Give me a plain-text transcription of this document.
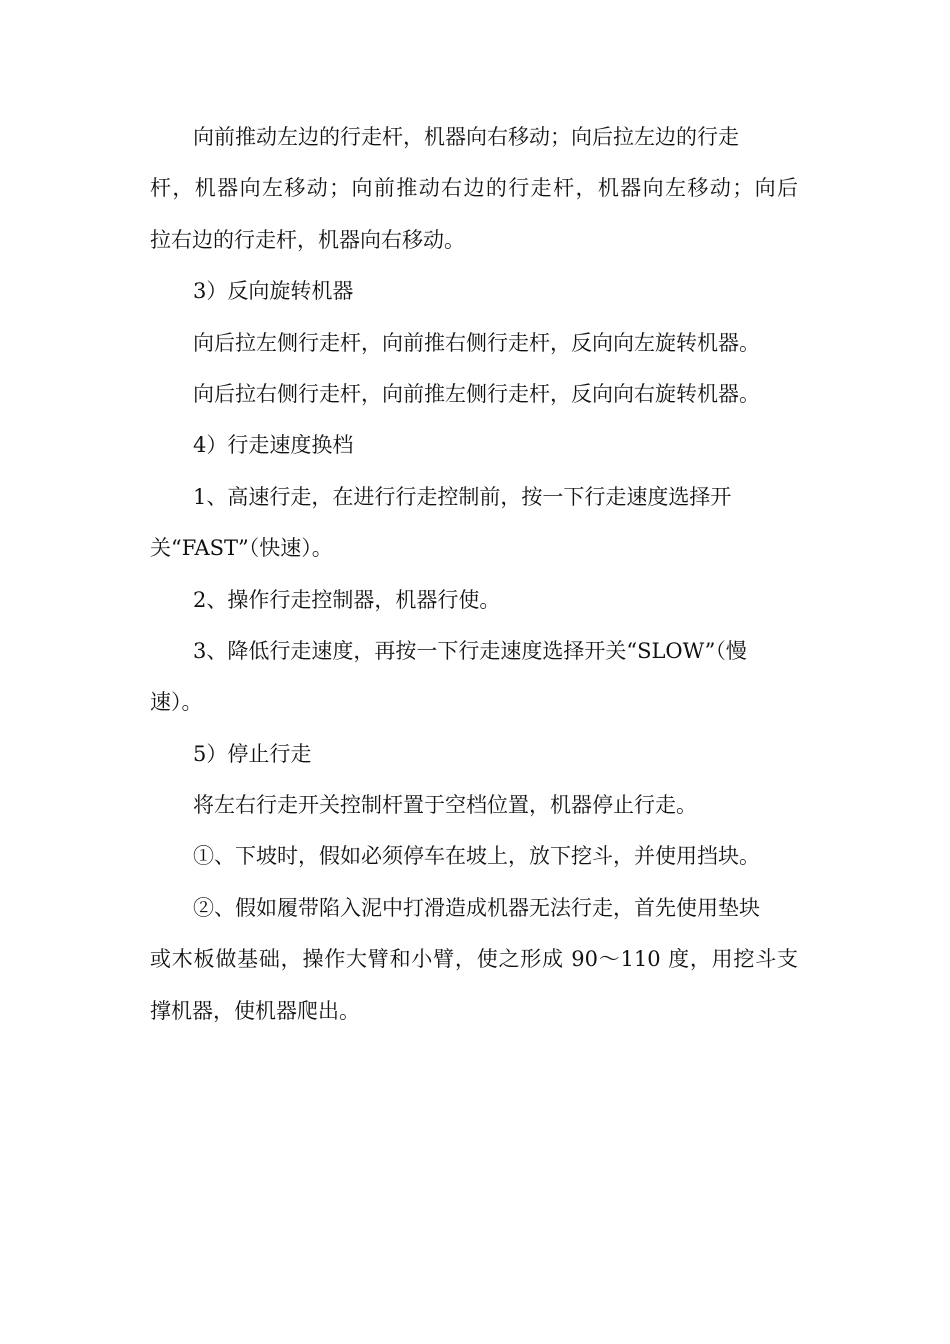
向前推动左边的行走杆，机器向右移动；向后拉左边的行走
杆，机器向左移动；向前推动右边的行走杆，机器向左移动；向后
拉右边的行走杆，机器向右移动。
3）反向旋转机器
向后拉左侧行走杆，向前推右侧行走杆，反向向左旋转机器。
向后拉右侧行走杆，向前推左侧行走杆，反向向右旋转机器。
4）行走速度换档
1、高速行走，在进行行走控制前，按一下行走速度选择开
关“FAST”（快速）。
2、操作行走控制器，机器行使。
3、降低行走速度，再按一下行走速度选择开关“SLOW”（慢
速）。
5）停止行走
将左右行走开关控制杆置于空档位置，机器停止行走。
①、下坡时，假如必须停车在坡上，放下挖斗，并使用挡块。
②、假如履带陷入泥中打滑造成机器无法行走，首先使用垫块
或木板做基础，操作大臂和小臂，使之形成 90～110 度，用挖斗支
撑机器，使机器爬出。
